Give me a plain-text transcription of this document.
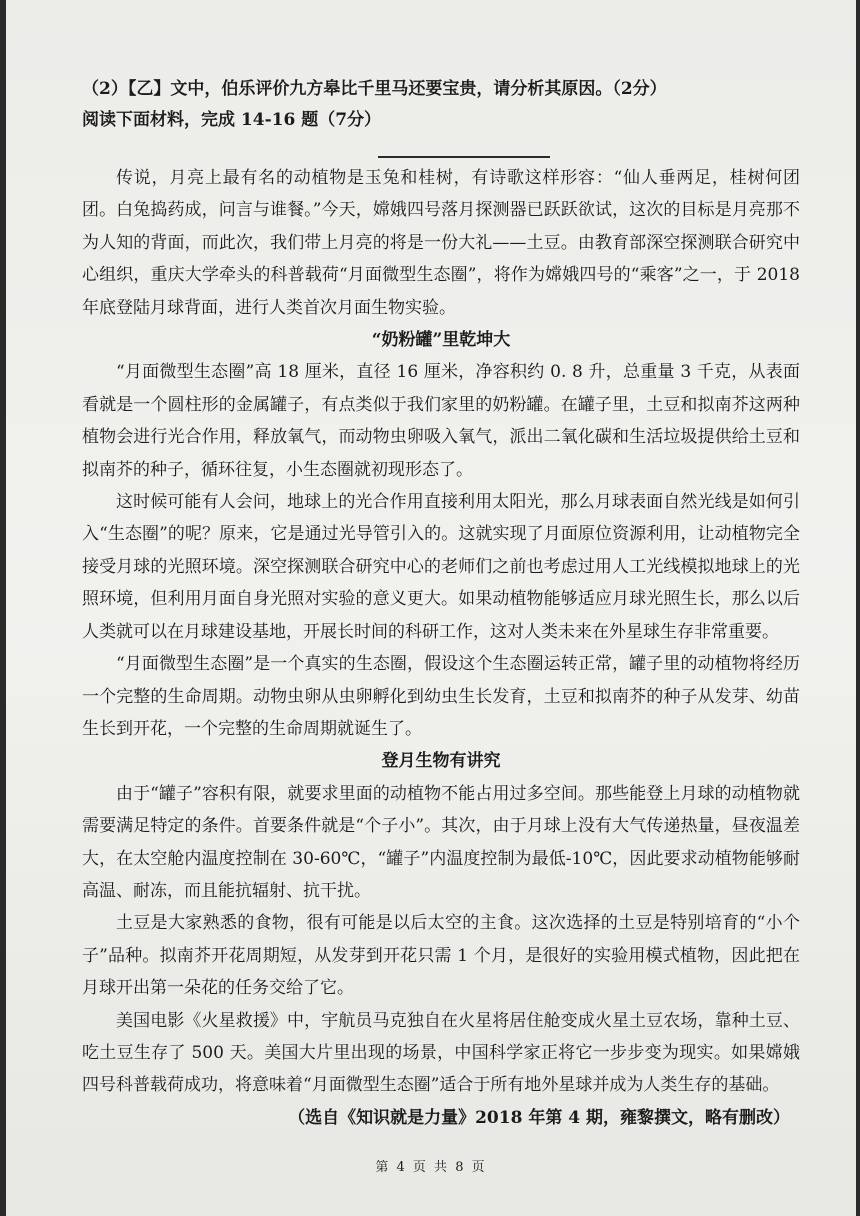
（2）【乙】文中，伯乐评价九方皋比千里马还要宝贵，请分析其原因。（2分）
阅读下面材料，完成 14-16 题（7分）

传说，月亮上最有名的动植物是玉兔和桂树，有诗歌这样形容：“仙人垂两足，桂树何团团。白兔捣药成，问言与谁餐。”今天，嫦娥四号落月探测器已跃跃欲试，这次的目标是月亮那不为人知的背面，而此次，我们带上月亮的将是一份大礼——土豆。由教育部深空探测联合研究中心组织，重庆大学牵头的科普载荷“月面微型生态圈”，将作为嫦娥四号的“乘客”之一，于 2018 年底登陆月球背面，进行人类首次月面生物实验。

“奶粉罐”里乾坤大

“月面微型生态圈”高 18 厘米，直径 16 厘米，净容积约 0. 8 升，总重量 3 千克，从表面看就是一个圆柱形的金属罐子，有点类似于我们家里的奶粉罐。在罐子里，土豆和拟南芥这两种植物会进行光合作用，释放氧气，而动物虫卵吸入氧气，派出二氧化碳和生活垃圾提供给土豆和拟南芥的种子，循环往复，小生态圈就初现形态了。

这时候可能有人会问，地球上的光合作用直接利用太阳光，那么月球表面自然光线是如何引入“生态圈”的呢？原来，它是通过光导管引入的。这就实现了月面原位资源利用，让动植物完全接受月球的光照环境。深空探测联合研究中心的老师们之前也考虑过用人工光线模拟地球上的光照环境，但利用月面自身光照对实验的意义更大。如果动植物能够适应月球光照生长，那么以后人类就可以在月球建设基地，开展长时间的科研工作，这对人类未来在外星球生存非常重要。

“月面微型生态圈”是一个真实的生态圈，假设这个生态圈运转正常，罐子里的动植物将经历一个完整的生命周期。动物虫卵从虫卵孵化到幼虫生长发育，土豆和拟南芥的种子从发芽、幼苗生长到开花，一个完整的生命周期就诞生了。

登月生物有讲究

由于“罐子”容积有限，就要求里面的动植物不能占用过多空间。那些能登上月球的动植物就需要满足特定的条件。首要条件就是“个子小”。其次，由于月球上没有大气传递热量，昼夜温差大，在太空舱内温度控制在 30-60℃，“罐子”内温度控制为最低-10℃，因此要求动植物能够耐高温、耐冻，而且能抗辐射、抗干扰。

土豆是大家熟悉的食物，很有可能是以后太空的主食。这次选择的土豆是特别培育的“小个子”品种。拟南芥开花周期短，从发芽到开花只需 1 个月，是很好的实验用模式植物，因此把在月球开出第一朵花的任务交给了它。

美国电影《火星救援》中，宇航员马克独自在火星将居住舱变成火星土豆农场，靠种土豆、吃土豆生存了 500 天。美国大片里出现的场景，中国科学家正将它一步步变为现实。如果嫦娥四号科普载荷成功，将意味着“月面微型生态圈”适合于所有地外星球并成为人类生存的基础。

（选自《知识就是力量》2018 年第 4 期，雍黎撰文，略有删改）

第 4 页 共 8 页
